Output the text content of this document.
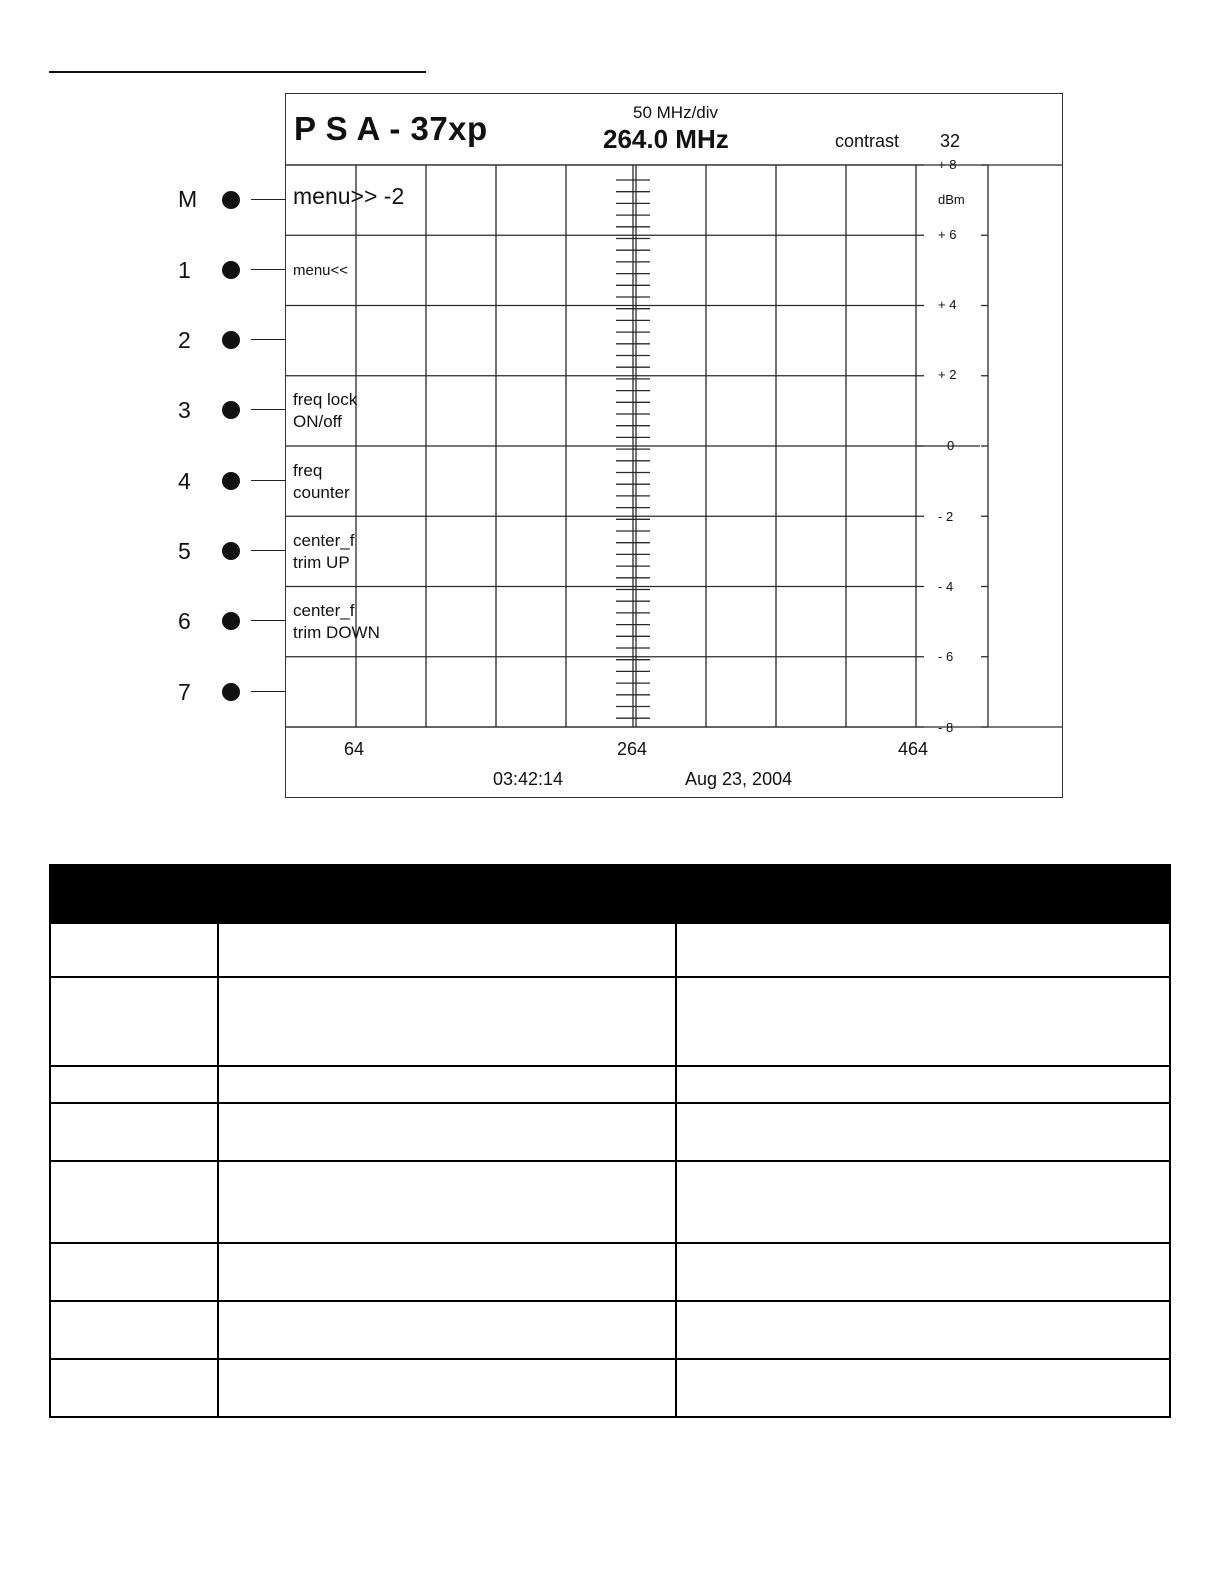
P S A - 37xp	50 MHz/div
264.0 MHz	contrast 32
dBm
M	menu>> -2
1	menu<<
2
3	freq lock
ON/off
4	freq
counter
5	center_f
trim UP
6	center_f
trim DOWN
7
+ 8
+ 6
+ 4
+ 2
0
- 2
- 4
- 6
- 8
64	264	464
03:42:14	Aug 23, 2004
